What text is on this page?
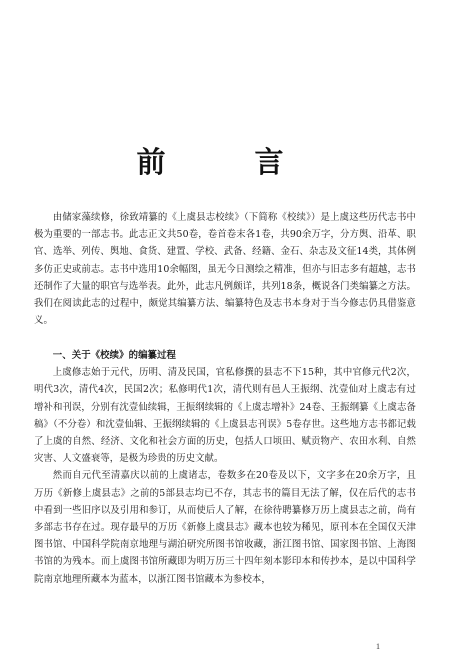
前　言

由储家藻续修，徐致靖纂的《上虞县志校续》（下简称《校续》）是上虞这些历代志书中极为重要的一部志书。此志正文共50卷，卷首卷末各1卷，共90余万字，分方舆、沿革、职官、选举、列传、舆地、食货、建置、学校、武备、经籍、金石、杂志及文征14类，其体例多仿正史或前志。志书中选用10余幅图，虽无今日测绘之精准，但亦与旧志多有超越，志书还制作了大量的职官与选举表。此外，此志凡例颇详，共列18条，概说各门类编纂之方法。我们在阅读此志的过程中，颇觉其编纂方法、编纂特色及志书本身对于当今修志仍具借鉴意义。

一、关于《校续》的编纂过程

上虞修志始于元代，历明、清及民国，官私修撰的县志不下15种，其中官修元代2次，明代3次，清代4次，民国2次；私修明代1次，清代则有邑人王振纲、沈壹仙对上虞志有过增补和刊误，分别有沈壹仙续辑，王振纲续辑的《上虞志增补》24卷、王振纲纂《上虞志备稿》（不分卷）和沈壹仙辑、王振纲续辑的《上虞县志刊误》5卷存世。这些地方志书都记载了上虞的自然、经济、文化和社会方面的历史，包括人口顷田、赋贡物产、农田水利、自然灾害、人文盛衰等，是极为珍贵的历史文献。

然而自元代至清嘉庆以前的上虞诸志，卷数多在20卷及以下，文字多在20余万字，且万历《新修上虞县志》之前的5部县志均已不存，其志书的篇目无法了解，仅在后代的志书中看到一些旧序以及引用和参订，从而使后人了解，在徐待聘纂修万历上虞县志之前，尚有多部志书存在过。现存最早的万历《新修上虞县志》藏本也较为稀见，原刊本在全国仅天津图书馆、中国科学院南京地理与湖泊研究所图书馆收藏，浙江图书馆、国家图书馆、上海图书馆的为残本。而上虞图书馆所藏即为明万历三十四年刻本影印本和传抄本，是以中国科学院南京地理所藏本为蓝本，以浙江图书馆藏本为参校本，

1
